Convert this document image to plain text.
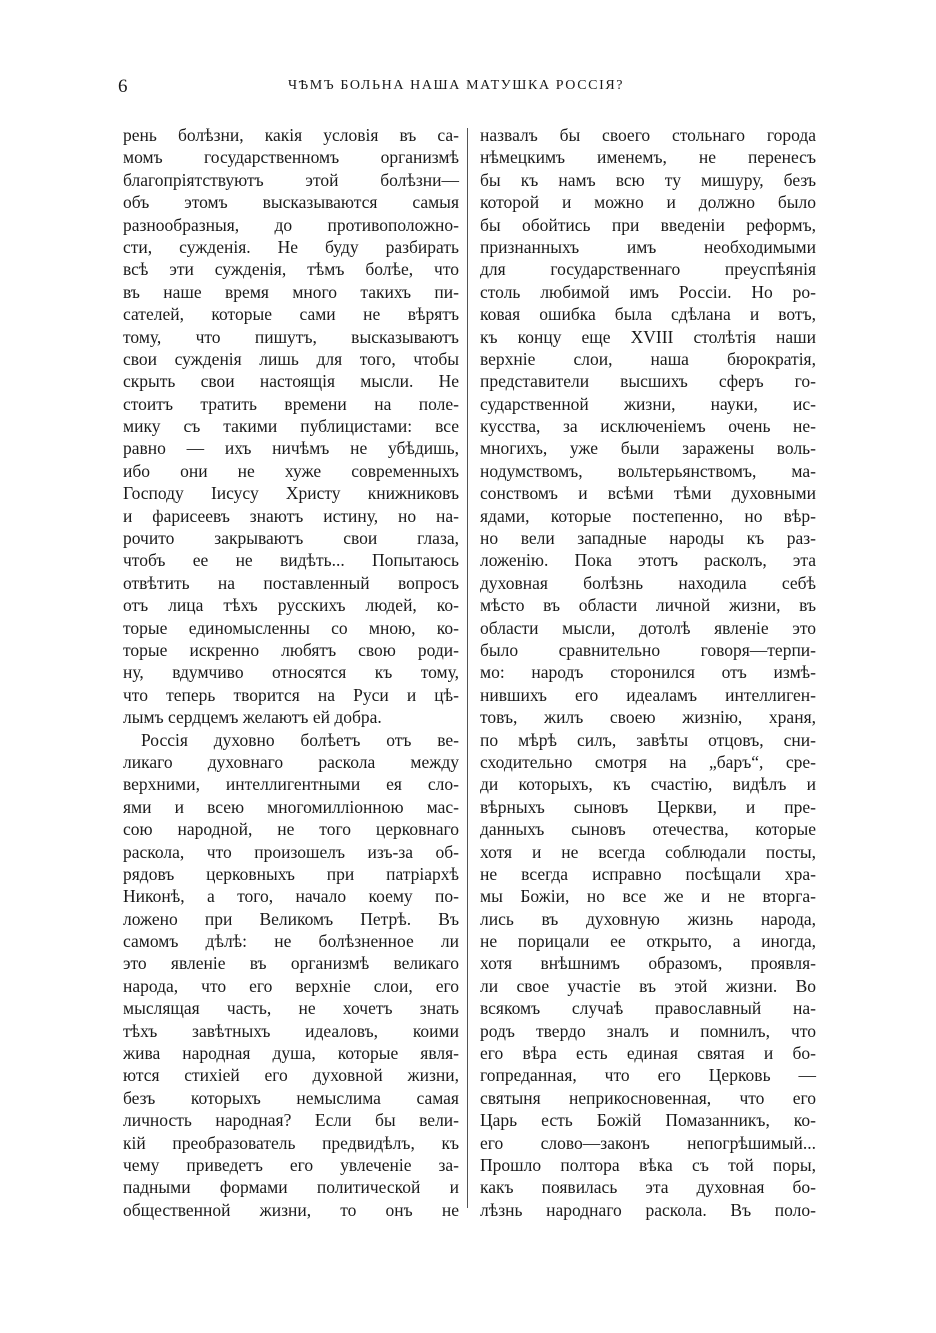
6	ЧѢМЪ БОЛЬНА НАША МАТУШКА РОССІЯ?
рень болѣзни, какія условія въ са-
момъ государственномъ организмѣ
благопріятствуютъ этой болѣзни—
объ этомъ высказываются самыя
разнообразныя, до противоположно-
сти, сужденія. Не буду разбирать
всѣ эти сужденія, тѣмъ болѣе, что
въ наше время много такихъ пи-
сателей, которые сами не вѣрятъ
тому, что пишутъ, высказываютъ
свои сужденія лишь для того, чтобы
скрыть свои настоящія мысли. Не
стоитъ тратить времени на поле-
мику съ такими публицистами: все
равно — ихъ ничѣмъ не убѣдишь,
ибо они не хуже современныхъ
Господу Іисусу Христу книжниковъ
и фарисеевъ знаютъ истину, но на-
рочито закрываютъ свои глаза,
чтобъ ее не видѣть... Попытаюсь
отвѣтить на поставленный вопросъ
отъ лица тѣхъ русскихъ людей, ко-
торые единомысленны со мною, ко-
торые искренно любятъ свою роди-
ну, вдумчиво относятся къ тому,
что теперь творится на Руси и цѣ-
лымъ сердцемъ желаютъ ей добра.
Россія духовно болѣетъ отъ ве-
ликаго духовнаго раскола между
верхними, интеллигентными ея сло-
ями и всею многомилліонною мас-
сою народной, не того церковнаго
раскола, что произошелъ изъ-за об-
рядовъ церковныхъ при патріархѣ
Никонѣ, а того, начало коему по-
ложено при Великомъ Петрѣ. Въ
самомъ дѣлѣ: не болѣзненное ли
это явленіе въ организмѣ великаго
народа, что его верхніе слои, его
мыслящая часть, не хочетъ знать
тѣхъ завѣтныхъ идеаловъ, коими
жива народная душа, которые явля-
ются стихіей его духовной жизни,
безъ которыхъ немыслима самая
личность народная? Если бы вели-
кій преобразователь предвидѣлъ, къ
чему приведетъ его увлеченіе за-
падными формами политической и
общественной жизни, то онъ не
назвалъ бы своего стольнаго города
нѣмецкимъ именемъ, не перенесъ
бы къ намъ всю ту мишуру, безъ
которой и можно и должно было
бы обойтись при введеніи реформъ,
признанныхъ имъ необходимыми
для государственнаго преуспѣянія
столь любимой имъ Россіи. Но ро-
ковая ошибка была сдѣлана и вотъ,
къ концу еще XVIII столѣтія наши
верхніе слои, наша бюрократія,
представители высшихъ сферъ го-
сударственной жизни, науки, ис-
кусства, за исключеніемъ очень не-
многихъ, уже были заражены воль-
нодумствомъ, вольтерьянствомъ, ма-
сонствомъ и всѣми тѣми духовными
ядами, которые постепенно, но вѣр-
но вели западные народы къ раз-
ложенію. Пока этотъ расколъ, эта
духовная болѣзнь находила себѣ
мѣсто въ области личной жизни, въ
области мысли, дотолѣ явленіе это
было сравнительно говоря—терпи-
мо: народъ сторонился отъ измѣ-
нившихъ его идеаламъ интеллиген-
товъ, жилъ своею жизнію, храня,
по мѣрѣ силъ, завѣты отцовъ, сни-
сходительно смотря на „баръ“, сре-
ди которыхъ, къ счастію, видѣлъ и
вѣрныхъ сыновъ Церкви, и пре-
данныхъ сыновъ отечества, которые
хотя и не всегда соблюдали посты,
не всегда исправно посѣщали хра-
мы Божіи, но все же и не вторга-
лись въ духовную жизнь народа,
не порицали ее открыто, а иногда,
хотя внѣшнимъ образомъ, проявля-
ли свое участіе въ этой жизни. Во
всякомъ случаѣ православный на-
родъ твердо зналъ и помнилъ, что
его вѣра есть единая святая и бо-
гопреданная, что его Церковь —
святыня неприкосновенная, что его
Царь есть Божій Помазанникъ, ко-
его слово—законъ непогрѣшимый...
Прошло полтора вѣка съ той поры,
какъ появилась эта духовная бо-
лѣзнь народнаго раскола. Въ поло-
